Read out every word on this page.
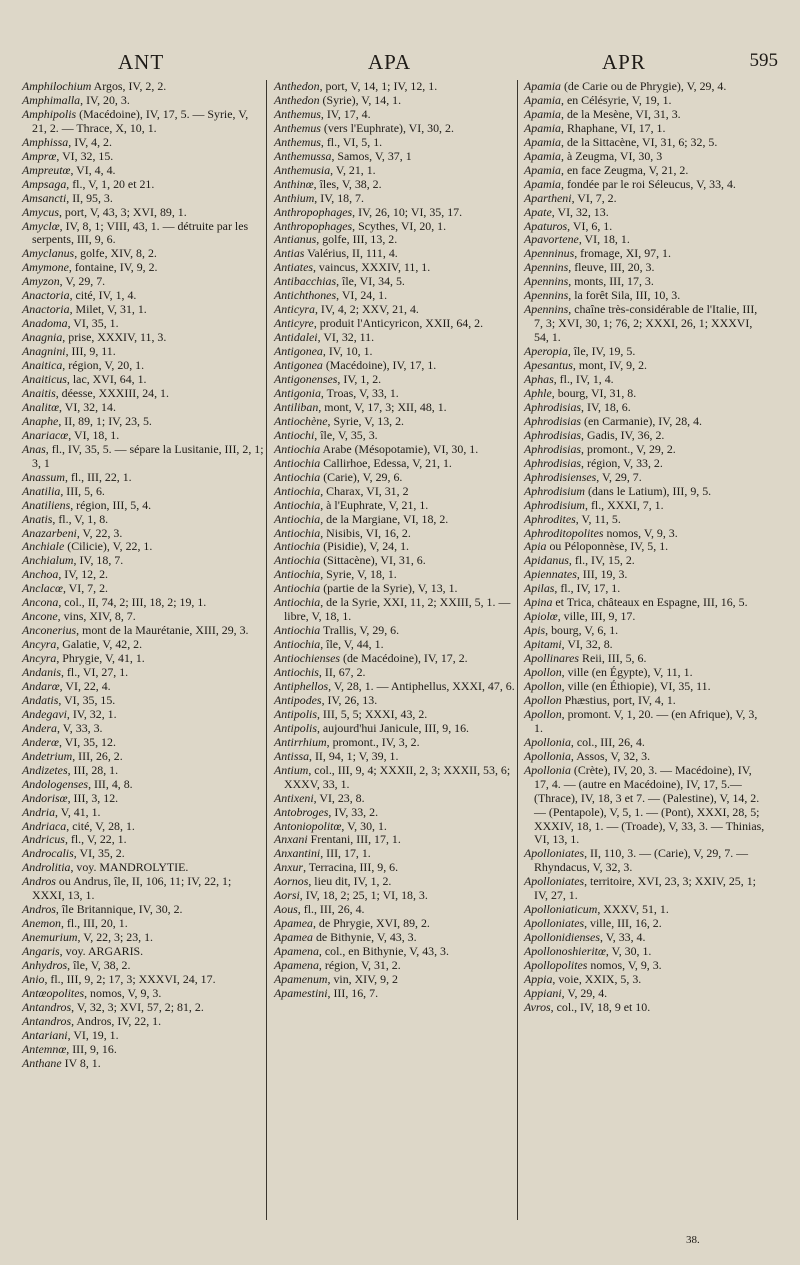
ANT	APA	APR	595
Amphilochium Argos, IV, 2, 2.
Amphimalla, IV, 20, 3.
Amphipolis (Macédoine), IV, 17, 5. — Syrie, V, 21, 2. — Thrace, X, 10, 1.
Amphissa, IV, 4, 2.
Amprœ, VI, 32, 15.
Ampreutœ, VI, 4, 4.
Ampsaga, fl., V, 1, 20 et 21.
Amsancti, II, 95, 3.
Amycus, port, V, 43, 3; XVI, 89, 1.
Amyclœ, IV, 8, 1; VIII, 43, 1. — détruite par les serpents, III, 9, 6.
Amyclanus, golfe, XIV, 8, 2.
Amymone, fontaine, IV, 9, 2.
Amyzon, V, 29, 7.
Anactoria, cité, IV, 1, 4.
Anactoria, Milet, V, 31, 1.
Anadoma, VI, 35, 1.
Anagnia, prise, XXXIV, 11, 3.
Anagnini, III, 9, 11.
Anaitica, région, V, 20, 1.
Anaiticus, lac, XVI, 64, 1.
Anaitis, déesse, XXXIII, 24, 1.
Analitœ, VI, 32, 14.
Anaphe, II, 89, 1; IV, 23, 5.
Anariacœ, VI, 18, 1.
Anas, fl., IV, 35, 5. — sépare la Lusitanie, III, 2, 1; 3, 1
Anassum, fl., III, 22, 1.
Anatilia, III, 5, 6.
Anatiliens, région, III, 5, 4.
Anatis, fl., V, 1, 8.
Anazarbeni, V, 22, 3.
Anchiale (Cilicie), V, 22, 1.
Anchialum, IV, 18, 7.
Anchoa, IV, 12, 2.
Anclacœ, VI, 7, 2.
Ancona, col., II, 74, 2; III, 18, 2; 19, 1.
Ancone, vins, XIV, 8, 7.
Anconerius, mont de la Maurétanie, XIII, 29, 3.
Ancyra, Galatie, V, 42, 2.
Ancyra, Phrygie, V, 41, 1.
Andanis, fl., VI, 27, 1.
Andarœ, VI, 22, 4.
Andatis, VI, 35, 15.
Andegavi, IV, 32, 1.
Andera, V, 33, 3.
Anderœ, VI, 35, 12.
Andetrium, III, 26, 2.
Andizetes, III, 28, 1.
Andologenses, III, 4, 8.
Andorisœ, III, 3, 12.
Andria, V, 41, 1.
Andriaca, cité, V, 28, 1.
Andricus, fl., V, 22, 1.
Androcalis, VI, 35, 2.
Androlitia, voy. MANDROLYTIE.
Andros ou Andrus, île, II, 106, 11; IV, 22, 1; XXXI, 13, 1.
Andros, île Britannique, IV, 30, 2.
Anemon, fl., III, 20, 1.
Anemurium, V, 22, 3; 23, 1.
Angaris, voy. ARGARIS.
Anhydros, île, V, 38, 2.
Anio, fl., III, 9, 2; 17, 3; XXXVI, 24, 17.
Antœopolites, nomos, V, 9, 3.
Antandros, V, 32, 3; XVI, 57, 2; 81, 2.
Antandros, Andros, IV, 22, 1.
Antariani, VI, 19, 1.
Antemnœ, III, 9, 16.
Anthane IV 8, 1.
Anthedon, port, V, 14, 1; IV, 12, 1.
Anthedon (Syrie), V, 14, 1.
Anthemus, IV, 17, 4.
Anthemus (vers l'Euphrate), VI, 30, 2.
Anthemus, fl., VI, 5, 1.
Anthemussa, Samos, V, 37, 1
Anthemusia, V, 21, 1.
Anthinœ, îles, V, 38, 2.
Anthium, IV, 18, 7.
Anthropophages, IV, 26, 10; VI, 35, 17.
Anthropophages, Scythes, VI, 20, 1.
Antianus, golfe, III, 13, 2.
Antias Valérius, II, 111, 4.
Antiates, vaincus, XXXIV, 11, 1.
Antibacchias, île, VI, 34, 5.
Antichthones, VI, 24, 1.
Anticyra, IV, 4, 2; XXV, 21, 4.
Anticyre, produit l'Anticyricon, XXII, 64, 2.
Antidalei, VI, 32, 11.
Antigonea, IV, 10, 1.
Antigonea (Macédoine), IV, 17, 1.
Antigonenses, IV, 1, 2.
Antigonia, Troas, V, 33, 1.
Antiliban, mont, V, 17, 3; XII, 48, 1.
Antiochène, Syrie, V, 13, 2.
Antiochi, île, V, 35, 3.
Antiochia Arabe (Mésopotamie), VI, 30, 1.
Antiochia Callirhoe, Edessa, V, 21, 1.
Antiochia (Carie), V, 29, 6.
Antiochia, Charax, VI, 31, 2
Antiochia, à l'Euphrate, V, 21, 1.
Antiochia, de la Margiane, VI, 18, 2.
Antiochia, Nisibis, VI, 16, 2.
Antiochia (Pisidie), V, 24, 1.
Antiochia (Sittacène), VI, 31, 6.
Antiochia, Syrie, V, 18, 1.
Antiochia (partie de la Syrie), V, 13, 1.
Antiochia, de la Syrie, XXI, 11, 2; XXIII, 5, 1. — libre, V, 18, 1.
Antiochia Trallis, V, 29, 6.
Antiochia, île, V, 44, 1.
Antiochienses (de Macédoine), IV, 17, 2.
Antiochis, II, 67, 2.
Antiphellos, V, 28, 1. — Antiphellus, XXXI, 47, 6.
Antipodes, IV, 26, 13.
Antipolis, III, 5, 5; XXXI, 43, 2.
Antipolis, aujourd'hui Janicule, III, 9, 16.
Antirrhium, promont., IV, 3, 2.
Antissa, II, 94, 1; V, 39, 1.
Antium, col., III, 9, 4; XXXII, 2, 3; XXXII, 53, 6; XXXV, 33, 1.
Antixeni, VI, 23, 8.
Antobroges, IV, 33, 2.
Antoniopolitœ, V, 30, 1.
Anxani Frentani, III, 17, 1.
Anxantini, III, 17, 1.
Anxur, Terracina, III, 9, 6.
Aornos, lieu dit, IV, 1, 2.
Aorsi, IV, 18, 2; 25, 1; VI, 18, 3.
Aous, fl., III, 26, 4.
Apamea, de Phrygie, XVI, 89, 2.
Apamea de Bithynie, V, 43, 3.
Apamena, col., en Bithynie, V, 43, 3.
Apamena, région, V, 31, 2.
Apamenum, vin, XIV, 9, 2
Apamestini, III, 16, 7.
Apamia (de Carie ou de Phrygie), V, 29, 4.
Apamia, en Célésyrie, V, 19, 1.
Apamia, de la Mesène, VI, 31, 3.
Apamia, Rhaphane, VI, 17, 1.
Apamia, de la Sittacène, VI, 31, 6; 32, 5.
Apamia, à Zeugma, VI, 30, 3
Apamia, en face Zeugma, V, 21, 2.
Apamia, fondée par le roi Séleucus, V, 33, 4.
Apartheni, VI, 7, 2.
Apate, VI, 32, 13.
Apaturos, VI, 6, 1.
Apavortene, VI, 18, 1.
Apenninus, fromage, XI, 97, 1.
Apennins, fleuve, III, 20, 3.
Apennins, monts, III, 17, 3.
Apennins, la forêt Sila, III, 10, 3.
Apennins, chaîne très-considérable de l'Italie, III, 7, 3; XVI, 30, 1; 76, 2; XXXI, 26, 1; XXXVI, 54, 1.
Aperopia, île, IV, 19, 5.
Apesantus, mont, IV, 9, 2.
Aphas, fl., IV, 1, 4.
Aphle, bourg, VI, 31, 8.
Aphrodisias, IV, 18, 6.
Aphrodisias (en Carmanie), IV, 28, 4.
Aphrodisias, Gadis, IV, 36, 2.
Aphrodisias, promont., V, 29, 2.
Aphrodisias, région, V, 33, 2.
Aphrodisienses, V, 29, 7.
Aphrodisium (dans le Latium), III, 9, 5.
Aphrodisium, fl., XXXI, 7, 1.
Aphrodites, V, 11, 5.
Aphroditopolites nomos, V, 9, 3.
Apia ou Péloponnèse, IV, 5, 1.
Apidanus, fl., IV, 15, 2.
Apiennates, III, 19, 3.
Apilas, fl., IV, 17, 1.
Apina et Trica, châteaux en Espagne, III, 16, 5.
Apiolœ, ville, III, 9, 17.
Apis, bourg, V, 6, 1.
Apitami, VI, 32, 8.
Apollinares Reii, III, 5, 6.
Apollon, ville (en Égypte), V, 11, 1.
Apollon, ville (en Éthiopie), VI, 35, 11.
Apollon Phæstius, port, IV, 4, 1.
Apollon, promont. V, 1, 20. — (en Afrique), V, 3, 1.
Apollonia, col., III, 26, 4.
Apollonia, Assos, V, 32, 3.
Apollonia (Crète), IV, 20, 3. — Macédoine), IV, 17, 4. — (autre en Macédoine), IV, 17, 5.—(Thrace), IV, 18, 3 et 7. — (Palestine), V, 14, 2. — (Pentapole), V, 5, 1. — (Pont), XXXI, 28, 5; XXXIV, 18, 1. — (Troade), V, 33, 3. — Thinias, VI, 13, 1.
Apolloniates, II, 110, 3. — (Carie), V, 29, 7. — Rhyndacus, V, 32, 3.
Apolloniates, territoire, XVI, 23, 3; XXIV, 25, 1; IV, 27, 1.
Apolloniaticum, XXXV, 51, 1.
Apolloniates, ville, III, 16, 2.
Apollonidienses, V, 33, 4.
Apollonoshieritœ, V, 30, 1.
Apollopolites nomos, V, 9, 3.
Appia, voie, XXIX, 5, 3.
Appiani, V, 29, 4.
Avros, col., IV, 18, 9 et 10.
38.
